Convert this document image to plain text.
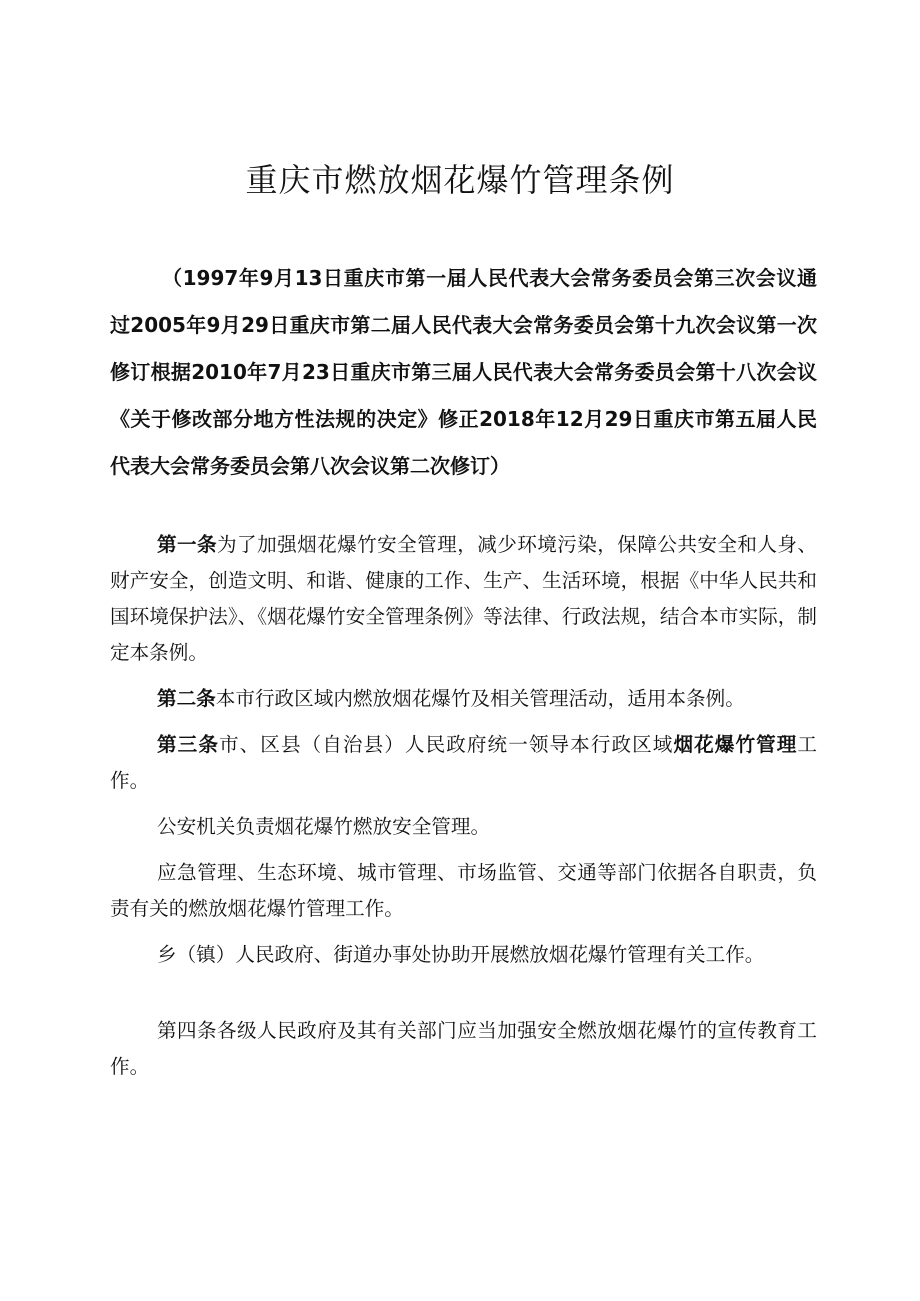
重庆市燃放烟花爆竹管理条例

（1997年9月13日重庆市第一届人民代表大会常务委员会第三次会议通过2005年9月29日重庆市第二届人民代表大会常务委员会第十九次会议第一次修订根据2010年7月23日重庆市第三届人民代表大会常务委员会第十八次会议《关于修改部分地方性法规的决定》修正2018年12月29日重庆市第五届人民代表大会常务委员会第八次会议第二次修订）

第一条为了加强烟花爆竹安全管理，减少环境污染，保障公共安全和人身、财产安全，创造文明、和谐、健康的工作、生产、生活环境，根据《中华人民共和国环境保护法》、《烟花爆竹安全管理条例》等法律、行政法规，结合本市实际，制定本条例。

第二条本市行政区域内燃放烟花爆竹及相关管理活动，适用本条例。

第三条市、区县（自治县）人民政府统一领导本行政区域烟花爆竹管理工作。

公安机关负责烟花爆竹燃放安全管理。

应急管理、生态环境、城市管理、市场监管、交通等部门依据各自职责，负责有关的燃放烟花爆竹管理工作。

乡（镇）人民政府、街道办事处协助开展燃放烟花爆竹管理有关工作。

第四条各级人民政府及其有关部门应当加强安全燃放烟花爆竹的宣传教育工作。
